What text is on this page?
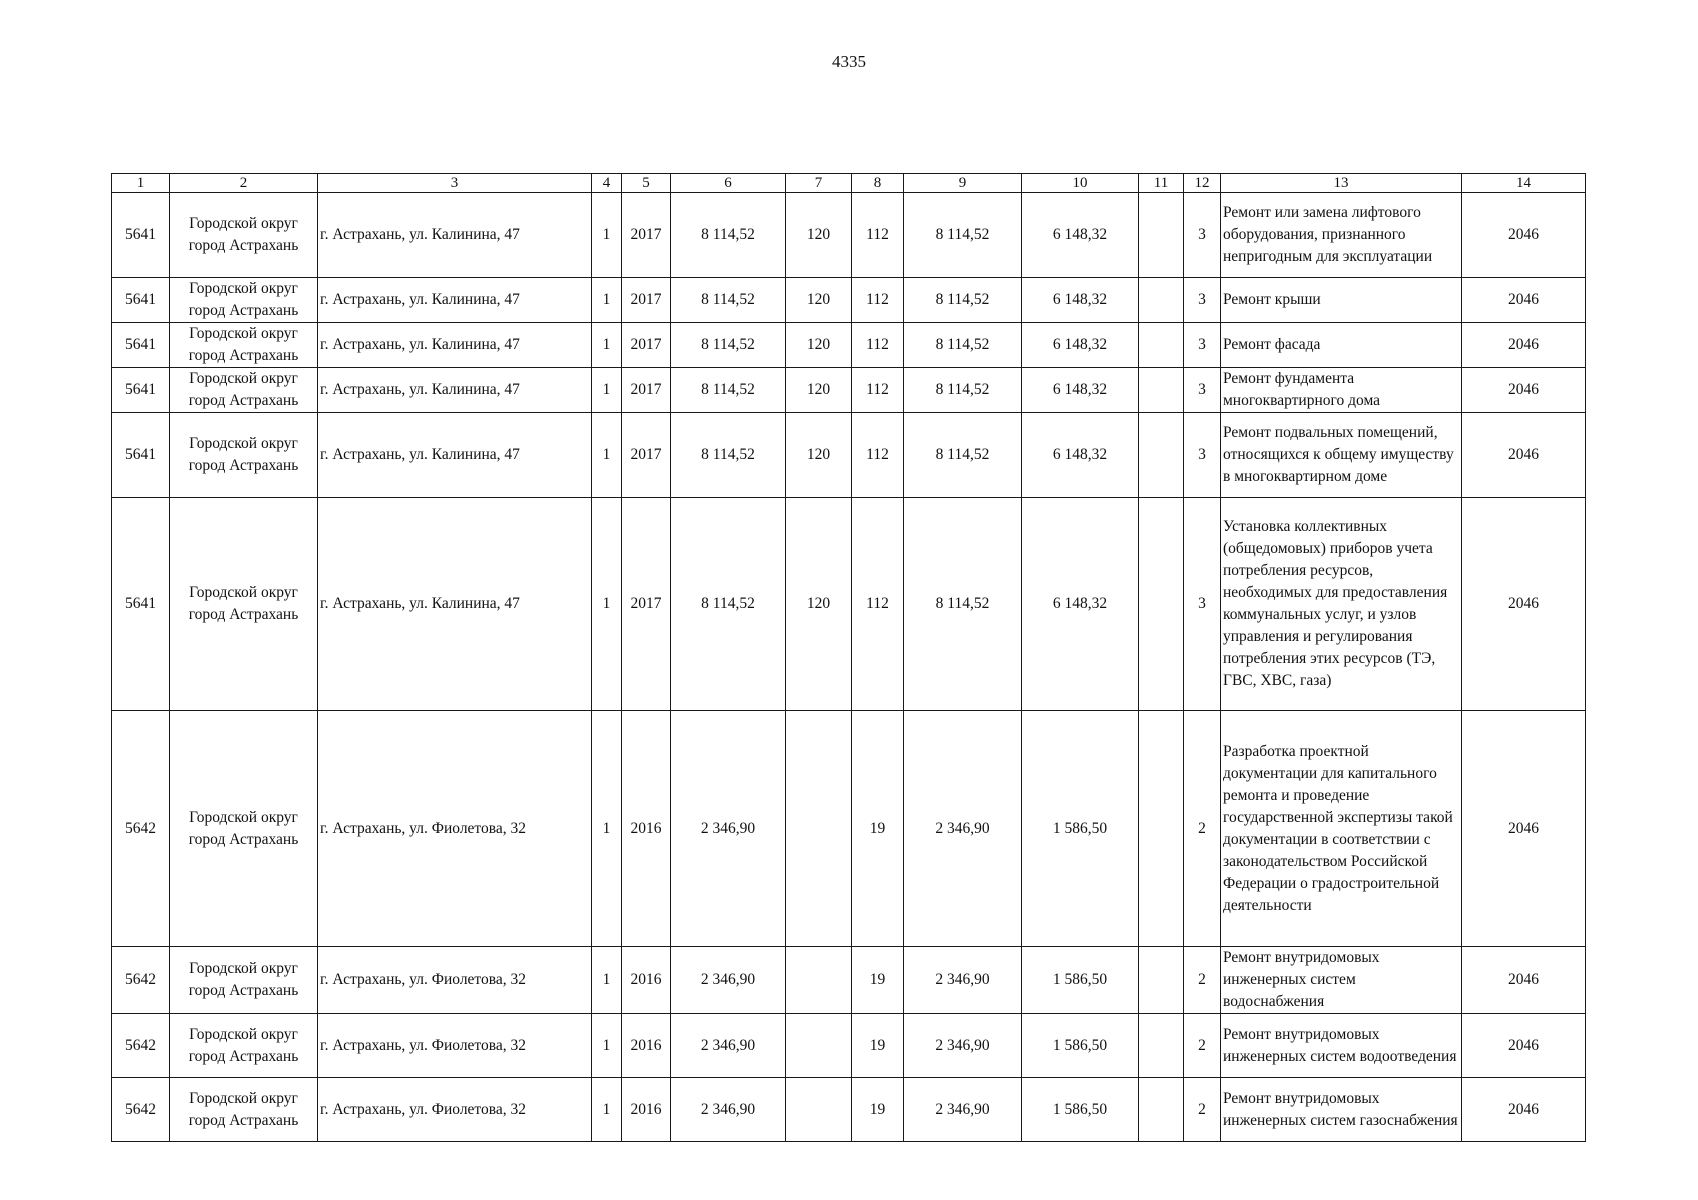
4335
1	2	3	4	5	6	7	8	9	10	11	12	13	14
5641	Городской округ город Астрахань	г. Астрахань, ул. Калинина, 47	1	2017	8 114,52	120	112	8 114,52	6 148,32		3	Ремонт или замена лифтового оборудования, признанного непригодным для эксплуатации	2046
5641	Городской округ город Астрахань	г. Астрахань, ул. Калинина, 47	1	2017	8 114,52	120	112	8 114,52	6 148,32		3	Ремонт крыши	2046
5641	Городской округ город Астрахань	г. Астрахань, ул. Калинина, 47	1	2017	8 114,52	120	112	8 114,52	6 148,32		3	Ремонт фасада	2046
5641	Городской округ город Астрахань	г. Астрахань, ул. Калинина, 47	1	2017	8 114,52	120	112	8 114,52	6 148,32		3	Ремонт фундамента многоквартирного дома	2046
5641	Городской округ город Астрахань	г. Астрахань, ул. Калинина, 47	1	2017	8 114,52	120	112	8 114,52	6 148,32		3	Ремонт подвальных помещений, относящихся к общему имуществу в многоквартирном доме	2046
5641	Городской округ город Астрахань	г. Астрахань, ул. Калинина, 47	1	2017	8 114,52	120	112	8 114,52	6 148,32		3	Установка коллективных (общедомовых) приборов учета потребления ресурсов, необходимых для предоставления коммунальных услуг, и узлов управления и регулирования потребления этих ресурсов (ТЭ, ГВС, ХВС, газа)	2046
5642	Городской округ город Астрахань	г. Астрахань, ул. Фиолетова, 32	1	2016	2 346,90		19	2 346,90	1 586,50		2	Разработка проектной документации для капитального ремонта и проведение государственной экспертизы такой документации в соответствии с законодательством Российской Федерации о градостроительной деятельности	2046
5642	Городской округ город Астрахань	г. Астрахань, ул. Фиолетова, 32	1	2016	2 346,90		19	2 346,90	1 586,50		2	Ремонт внутридомовых инженерных систем водоснабжения	2046
5642	Городской округ город Астрахань	г. Астрахань, ул. Фиолетова, 32	1	2016	2 346,90		19	2 346,90	1 586,50		2	Ремонт внутридомовых инженерных систем водоотведения	2046
5642	Городской округ город Астрахань	г. Астрахань, ул. Фиолетова, 32	1	2016	2 346,90		19	2 346,90	1 586,50		2	Ремонт внутридомовых инженерных систем газоснабжения	2046
